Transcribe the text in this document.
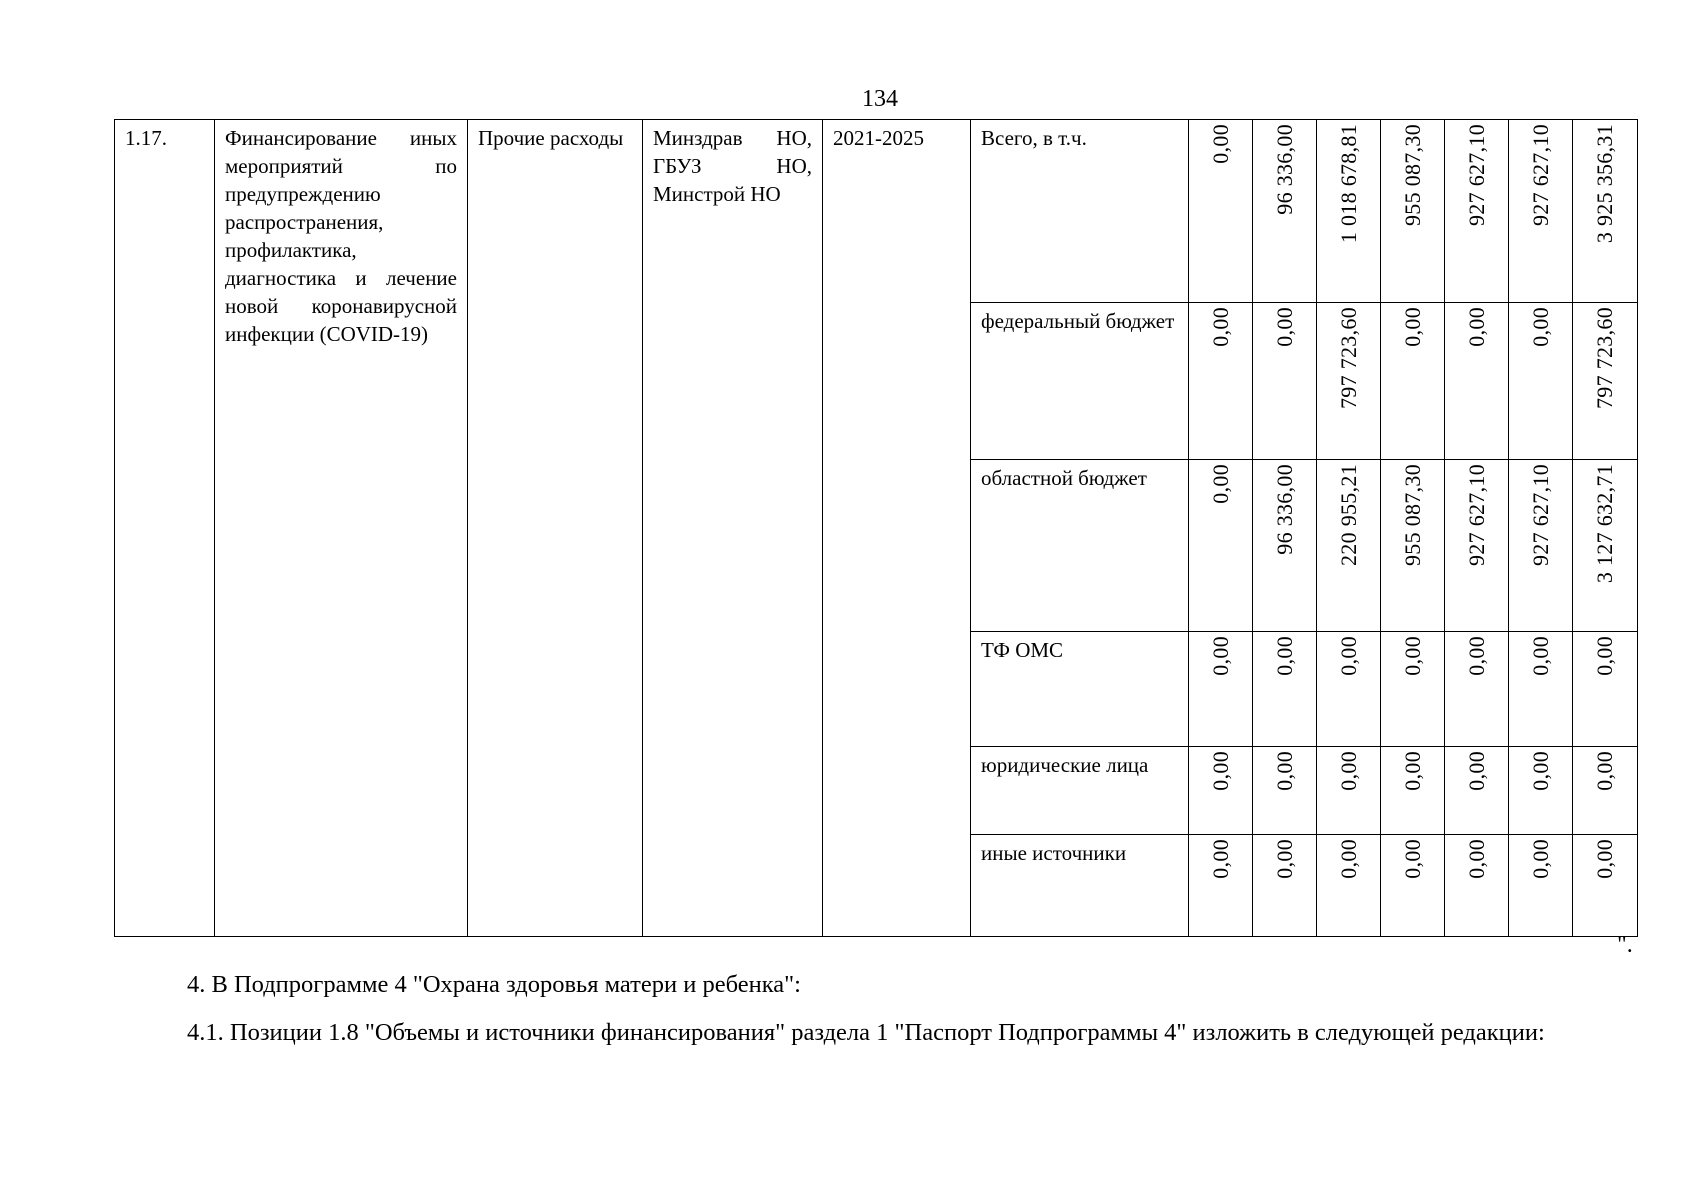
134
1.17.	Финансирование иных мероприятий по предупреждению распространения, профилактика, диагностика и лечение новой коронавирусной инфекции (COVID-19)	Прочие расходы	Минздрав НО, ГБУЗ НО, Минстрой НО	2021-2025	Всего, в т.ч.	0,00	96 336,00	1 018 678,81	955 087,30	927 627,10	927 627,10	3 925 356,31

					федеральный бюджет	0,00	0,00	797 723,60	0,00	0,00	0,00	797 723,60

					областной бюджет	0,00	96 336,00	220 955,21	955 087,30	927 627,10	927 627,10	3 127 632,71

					ТФ ОМС	0,00	0,00	0,00	0,00	0,00	0,00	0,00

					юридические лица	0,00	0,00	0,00	0,00	0,00	0,00	0,00

					иные источники	0,00	0,00	0,00	0,00	0,00	0,00	0,00
".
4. В Подпрограмме 4 "Охрана здоровья матери и ребенка":
4.1. Позиции 1.8 "Объемы и источники финансирования" раздела 1 "Паспорт Подпрограммы 4" изложить в следующей редакции:
